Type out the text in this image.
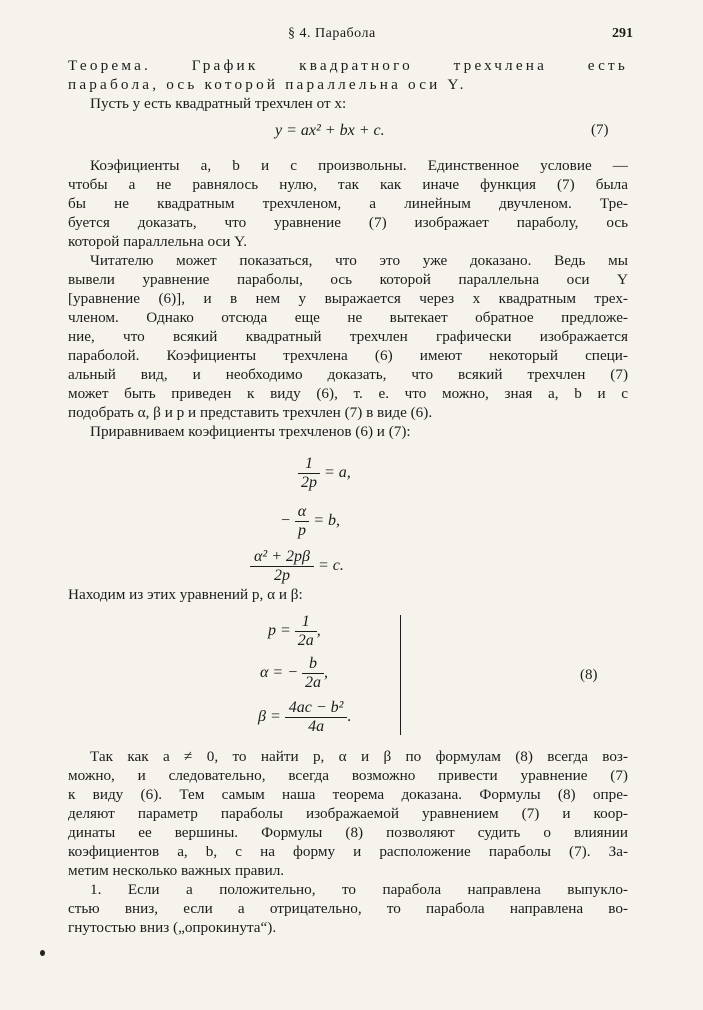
§ 4. Парабола	291
Теорема. График квадратного трехчлена есть
парабола, ось которой параллельна оси Y.
Пусть y есть квадратный трехчлен от x:
y = ax² + bx + c.	(7)
Коэфициенты a, b и c произвольны. Единственное условие —
чтобы a не равнялось нулю, так как иначе функция (7) была
бы не квадратным трехчленом, а линейным двучленом. Тре-
буется доказать, что уравнение (7) изображает параболу, ось
которой параллельна оси Y.
Читателю может показаться, что это уже доказано. Ведь мы
вывели уравнение параболы, ось которой параллельна оси Y
[уравнение (6)], и в нем y выражается через x квадратным трех-
членом. Однако отсюда еще не вытекает обратное предложе-
ние, что всякий квадратный трехчлен графически изображается
параболой. Коэфициенты трехчлена (6) имеют некоторый специ-
альный вид, и необходимо доказать, что всякий трехчлен (7)
может быть приведен к виду (6), т. е. что можно, зная a, b и c
подобрать α, β и p и представить трехчлен (7) в виде (6).
Приравниваем коэфициенты трехчленов (6) и (7):
$\frac{1}{2p} = a$,
− $\frac{\alpha}{p} = b$,
$\frac{\text{α² + 2pβ}}{2p} = c$.
Находим из этих уравнений p, α и β:
$p = \frac{1}{2a}$ ,
α = − $\frac{b}{2a}$ ,
$\beta = \frac{\text{4ac − b²}}{4a}$ .
(8)
Так как a ≠ 0, то найти p, α и β по формулам (8) всегда воз-
можно, и следовательно, всегда возможно привести уравнение (7)
к виду (6). Тем самым наша теорема доказана. Формулы (8) опре-
деляют параметр параболы изображаемой уравнением (7) и коор-
динаты ее вершины. Формулы (8) позволяют судить о влиянии
коэфициентов a, b, c на форму и расположение параболы (7). За-
метим несколько важных правил.
1. Если a положительно, то парабола направлена выпукло-
стью вниз, если a отрицательно, то парабола направлена во-
гнутостью вниз („опрокинута“).
